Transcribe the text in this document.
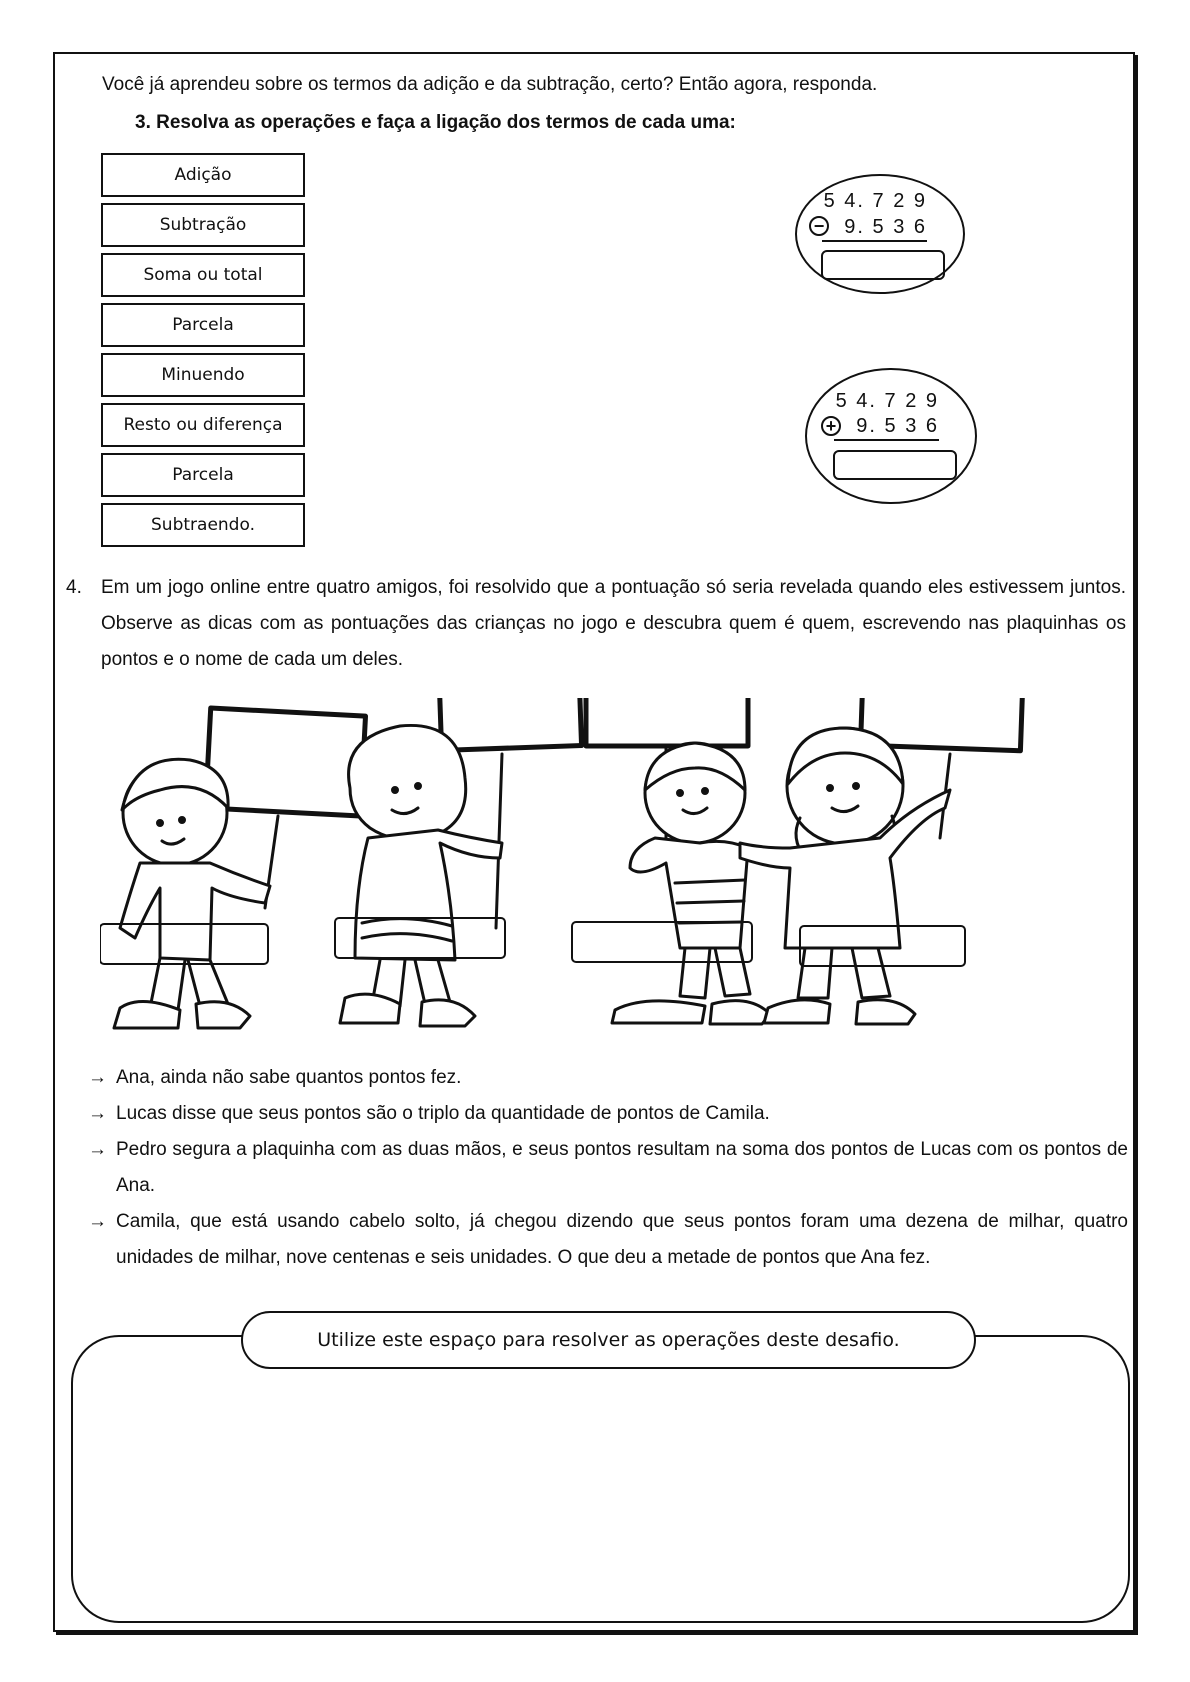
Você já aprendeu sobre os termos da adição e da subtração, certo? Então agora, responda.
3. Resolva as operações e faça a ligação dos termos de cada uma:
Adição
Subtração
Soma ou total
Parcela
Minuendo
Resto ou diferença
Parcela
Subtraendo.
5 4. 7 2 9
−	9. 5 3 6
5 4. 7 2 9
+	9. 5 3 6
4. Em um jogo online entre quatro amigos, foi resolvido que a pontuação só seria revelada quando eles estivessem juntos. Observe as dicas com as pontuações das crianças no jogo e descubra quem é quem, escrevendo nas plaquinhas os pontos e o nome de cada um deles.
→ Ana, ainda não sabe quantos pontos fez.
→ Lucas disse que seus pontos são o triplo da quantidade de pontos de Camila.
→ Pedro segura a plaquinha com as duas mãos, e seus pontos resultam na soma dos pontos de Lucas com os pontos de Ana.
→ Camila, que está usando cabelo solto, já chegou dizendo que seus pontos foram uma dezena de milhar, quatro unidades de milhar, nove centenas e seis unidades. O que deu a metade de pontos que Ana fez.
Utilize este espaço para resolver as operações deste desafio.
